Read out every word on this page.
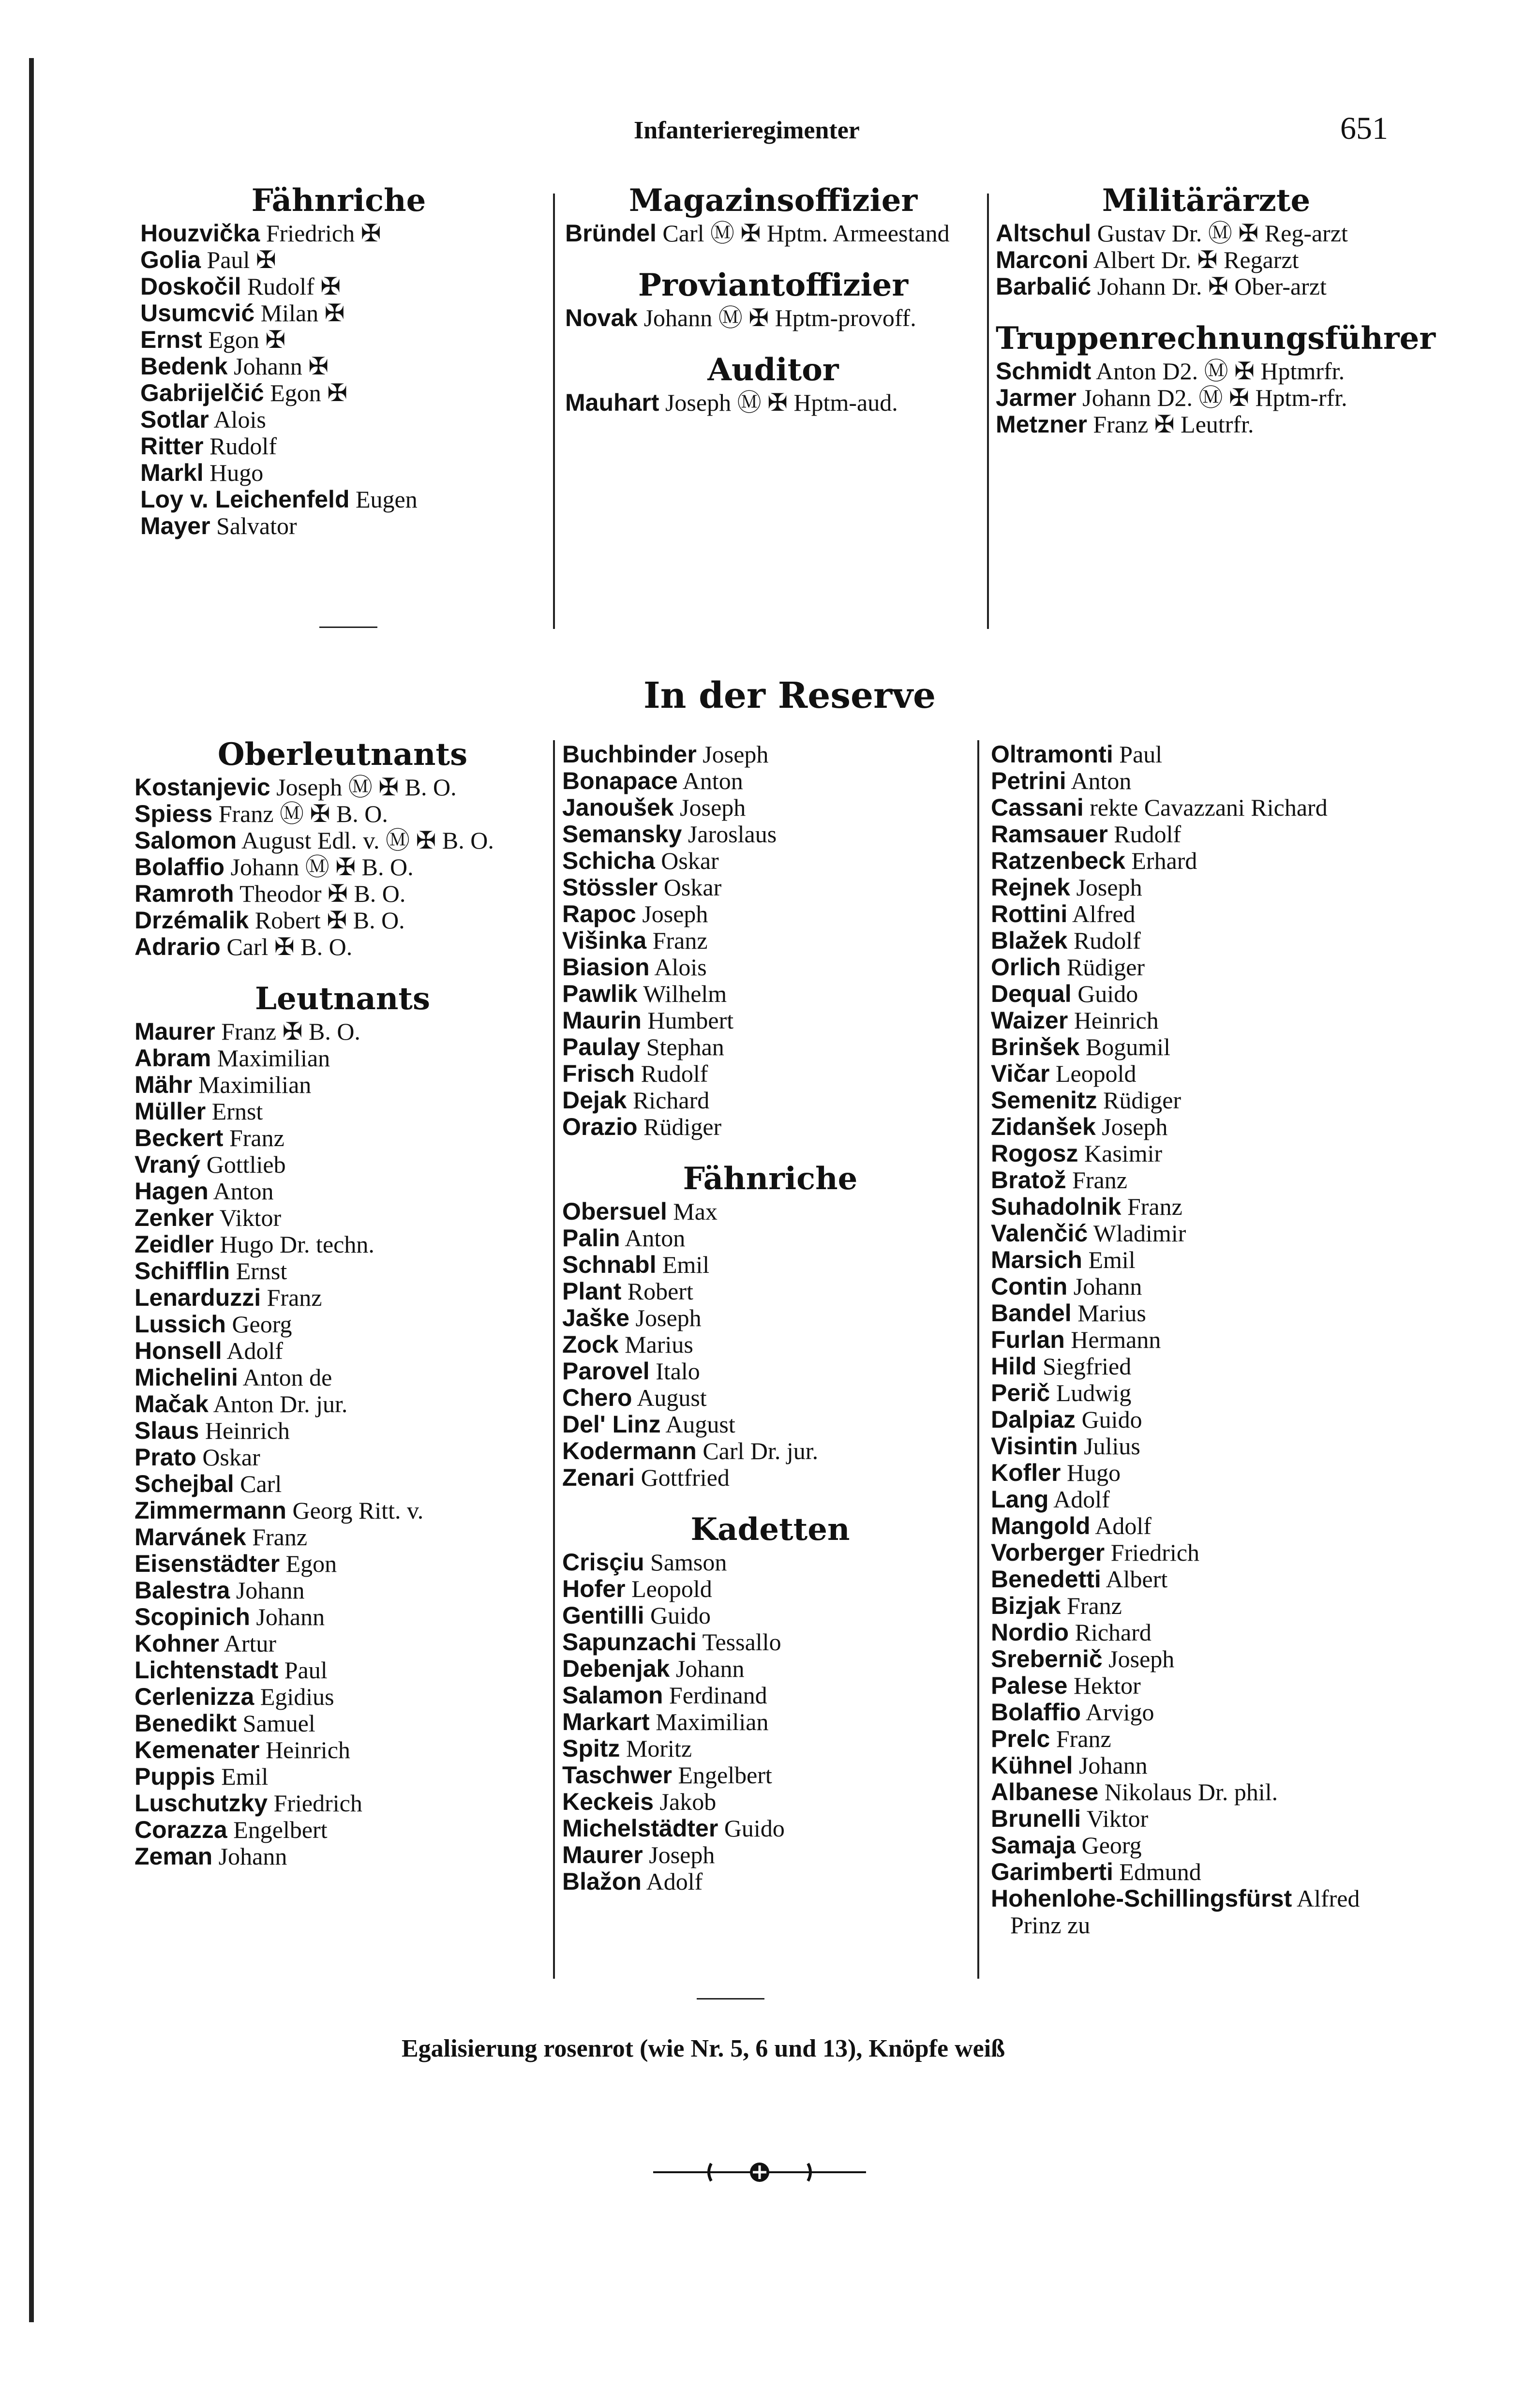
Infanterieregimenter	651
Fähnriche

Houzvička Friedrich ✠

Golia Paul ✠

Doskočil Rudolf ✠

Usumcvić Milan ✠

Ernst Egon ✠

Bedenk Johann ✠

Gabrijelčić Egon ✠

Sotlar Alois

Ritter Rudolf

Markl Hugo

Loy v. Leichenfeld Eugen

Mayer Salvator

Magazinsoffizier

Bründel Carl Ⓜ ✠ Hptm. Armeestand

Proviantoffizier

Novak Johann Ⓜ ✠ Hptm-provoff.

Auditor

Mauhart Joseph Ⓜ ✠ Hptm-aud.

Militärärzte

Altschul Gustav Dr. Ⓜ ✠ Reg-arzt

Marconi Albert Dr. ✠ Regarzt

Barbalić Johann Dr. ✠ Ober-arzt

Truppenrechnungsführer

Schmidt Anton D2. Ⓜ ✠ Hptmrfr.

Jarmer Johann D2. Ⓜ ✠ Hptm-rfr.

Metzner Franz ✠ Leutrfr.

In der Reserve
Oberleutnants

Kostanjevic Joseph Ⓜ ✠ B. O.

Spiess Franz Ⓜ ✠ B. O.

Salomon August Edl. v. Ⓜ ✠ B. O.

Bolaffio Johann Ⓜ ✠ B. O.

Ramroth Theodor ✠ B. O.

Drzémalik Robert ✠ B. O.

Adrario Carl ✠ B. O.

Leutnants

Maurer Franz ✠ B. O.

Abram Maximilian

Mähr Maximilian

Müller Ernst

Beckert Franz

Vraný Gottlieb

Hagen Anton

Zenker Viktor

Zeidler Hugo Dr. techn.

Schifflin Ernst

Lenarduzzi Franz

Lussich Georg

Honsell Adolf

Michelini Anton de

Mačak Anton Dr. jur.

Slaus Heinrich

Prato Oskar

Schejbal Carl

Zimmermann Georg Ritt. v.

Marvánek Franz

Eisenstädter Egon

Balestra Johann

Scopinich Johann

Kohner Artur

Lichtenstadt Paul

Cerlenizza Egidius

Benedikt Samuel

Kemenater Heinrich

Puppis Emil

Luschutzky Friedrich

Corazza Engelbert

Zeman Johann

Buchbinder Joseph

Bonapace Anton

Janoušek Joseph

Semansky Jaroslaus

Schicha Oskar

Stössler Oskar

Rapoc Joseph

Višinka Franz

Biasion Alois

Pawlik Wilhelm

Maurin Humbert

Paulay Stephan

Frisch Rudolf

Dejak Richard

Orazio Rüdiger

Fähnriche

Obersuel Max

Palin Anton

Schnabl Emil

Plant Robert

Jaške Joseph

Zock Marius

Parovel Italo

Chero August

Del' Linz August

Kodermann Carl Dr. jur.

Zenari Gottfried

Kadetten

Crisçiu Samson

Hofer Leopold

Gentilli Guido

Sapunzachi Tessallo

Debenjak Johann

Salamon Ferdinand

Markart Maximilian

Spitz Moritz

Taschwer Engelbert

Keckeis Jakob

Michelstädter Guido

Maurer Joseph

Blažon Adolf

Oltramonti Paul

Petrini Anton

Cassani rekte Cavazzani Richard

Ramsauer Rudolf

Ratzenbeck Erhard

Rejnek Joseph

Rottini Alfred

Blažek Rudolf

Orlich Rüdiger

Dequal Guido

Waizer Heinrich

Brinšek Bogumil

Vičar Leopold

Semenitz Rüdiger

Zidanšek Joseph

Rogosz Kasimir

Bratož Franz

Suhadolnik Franz

Valenčić Wladimir

Marsich Emil

Contin Johann

Bandel Marius

Furlan Hermann

Hild Siegfried

Perič Ludwig

Dalpiaz Guido

Visintin Julius

Kofler Hugo

Lang Adolf

Mangold Adolf

Vorberger Friedrich

Benedetti Albert

Bizjak Franz

Nordio Richard

Srebernič Joseph

Palese Hektor

Bolaffio Arvigo

Prelc Franz

Kühnel Johann

Albanese Nikolaus Dr. phil.

Brunelli Viktor

Samaja Georg

Garimberti Edmund

Hohenlohe-Schillingsfürst Alfred Prinz zu

Egalisierung rosenrot (wie Nr. 5, 6 und 13), Knöpfe weiß
